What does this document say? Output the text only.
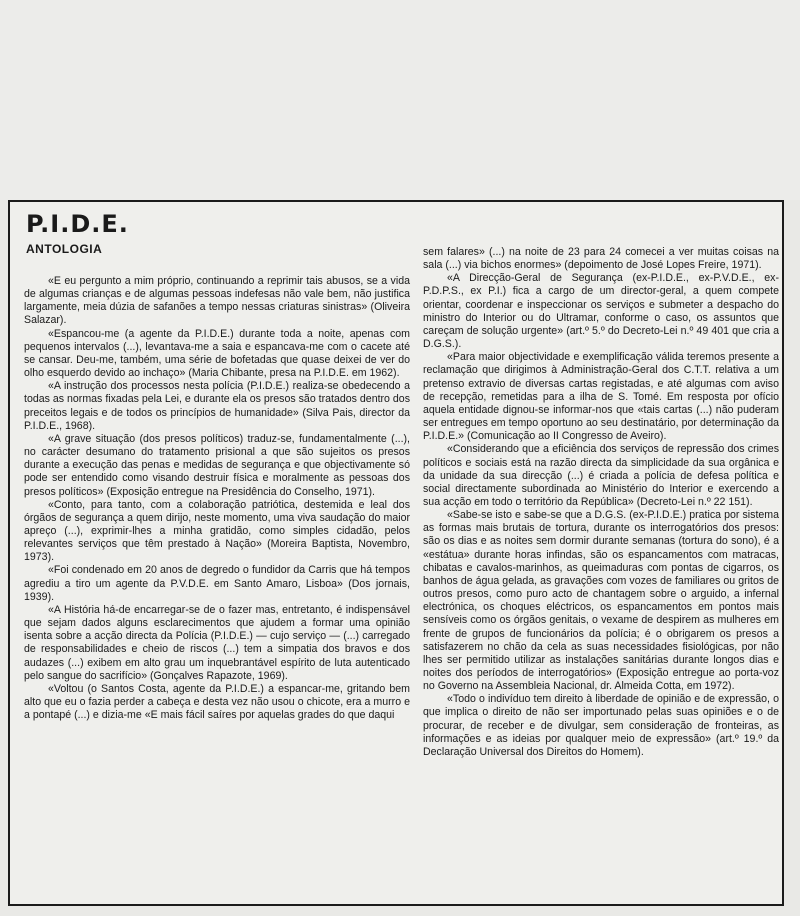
P.I.D.E.
ANTOLOGIA

«E eu pergunto a mim próprio, continuando a reprimir tais abusos, se a vida de algumas crianças e de algumas pessoas indefesas não vale bem, não justifica largamente, meia dúzia de safanões a tempo nessas criaturas sinistras» (Oliveira Salazar).

«Espancou-me (a agente da P.I.D.E.) durante toda a noite, apenas com pequenos intervalos (...), levantava-me a saia e espancava-me com o cacete até se cansar. Deu-me, também, uma série de bofetadas que quase deixei de ver do olho esquerdo devido ao inchaço» (Maria Chibante, presa na P.I.D.E. em 1962).

«A instrução dos processos nesta polícia (P.I.D.E.) realiza-se obedecendo a todas as normas fixadas pela Lei, e durante ela os presos são tratados dentro dos preceitos legais e de todos os princípios de humanidade» (Silva Pais, director da P.I.D.E., 1968).

«A grave situação (dos presos políticos) traduz-se, fundamentalmente (...), no carácter desumano do tratamento prisional a que são sujeitos os presos durante a execução das penas e medidas de segurança e que objectivamente só pode ser entendido como visando destruir física e moralmente as pessoas dos presos políticos» (Exposição entregue na Presidência do Conselho, 1971).

«Conto, para tanto, com a colaboração patriótica, destemida e leal dos órgãos de segurança a quem dirijo, neste momento, uma viva saudação do maior apreço (...), exprimir-lhes a minha gratidão, como simples cidadão, pelos relevantes serviços que têm prestado à Nação» (Moreira Baptista, Novembro, 1973).

«Foi condenado em 20 anos de degredo o fundidor da Carris que há tempos agrediu a tiro um agente da P.V.D.E. em Santo Amaro, Lisboa» (Dos jornais, 1939).

«A História há-de encarregar-se de o fazer mas, entretanto, é indispensável que sejam dados alguns esclarecimentos que ajudem a formar uma opinião isenta sobre a acção directa da Polícia (P.I.D.E.) — cujo serviço — (...) carregado de responsabilidades e cheio de riscos (...) tem a simpatia dos bravos e dos audazes (...) exibem em alto grau um inquebrantável espírito de luta autenticado pelo sangue do sacrifício» (Gonçalves Rapazote, 1969).

«Voltou (o Santos Costa, agente da P.I.D.E.) a espancar-me, gritando bem alto que eu o fazia perder a cabeça e desta vez não usou o chicote, era a murro e a pontapé (...) e dizia-me «E mais fácil saíres por aquelas grades do que daqui

sem falares» (...) na noite de 23 para 24 comecei a ver muitas coisas na sala (...) via bichos enormes» (depoimento de José Lopes Freire, 1971).

«A Direcção-Geral de Segurança (ex-P.I.D.E., ex-P.V.D.E., ex-P.D.P.S., ex P.I.) fica a cargo de um director-geral, a quem compete orientar, coordenar e inspeccionar os serviços e submeter a despacho do ministro do Interior ou do Ultramar, conforme o caso, os assuntos que careçam de solução urgente» (art.º 5.º do Decreto-Lei n.º 49 401 que cria a D.G.S.).

«Para maior objectividade e exemplificação válida teremos presente a reclamação que dirigimos à Administração-Geral dos C.T.T. relativa a um pretenso extravio de diversas cartas registadas, e até algumas com aviso de recepção, remetidas para a ilha de S. Tomé. Em resposta por ofício aquela entidade dignou-se informar-nos que «tais cartas (...) não puderam ser entregues em tempo oportuno ao seu destinatário, por determinação da P.I.D.E.» (Comunicação ao II Congresso de Aveiro).

«Considerando que a eficiência dos serviços de repressão dos crimes políticos e sociais está na razão directa da simplicidade da sua orgânica e da unidade da sua direcção (...) é criada a polícia de defesa política e social directamente subordinada ao Ministério do Interior e exercendo a sua acção em todo o território da República» (Decreto-Lei n.º 22 151).

«Sabe-se isto e sabe-se que a D.G.S. (ex-P.I.D.E.) pratica por sistema as formas mais brutais de tortura, durante os interrogatórios dos presos: são os dias e as noites sem dormir durante semanas (tortura do sono), é a «estátua» durante horas infindas, são os espancamentos com matracas, chibatas e cavalos-marinhos, as queimaduras com pontas de cigarros, os banhos de água gelada, as gravações com vozes de familiares ou gritos de outros presos, como puro acto de chantagem sobre o arguido, a infernal electrónica, os choques eléctricos, os espancamentos em pontos mais sensíveis como os órgãos genitais, o vexame de despirem as mulheres em frente de grupos de funcionários da polícia; é o obrigarem os presos a satisfazerem no chão da cela as suas necessidades fisiológicas, por não lhes ser permitido utilizar as instalações sanitárias durante longos dias e noites dos períodos de interrogatórios» (Exposição entregue ao porta-voz no Governo na Assembleia Nacional, dr. Almeida Cotta, em 1972).

«Todo o indivíduo tem direito à liberdade de opinião e de expressão, o que implica o direito de não ser importunado pelas suas opiniões e o de procurar, de receber e de divulgar, sem consideração de fronteiras, as informações e as ideias por qualquer meio de expressão» (art.º 19.º da Declaração Universal dos Direitos do Homem).
